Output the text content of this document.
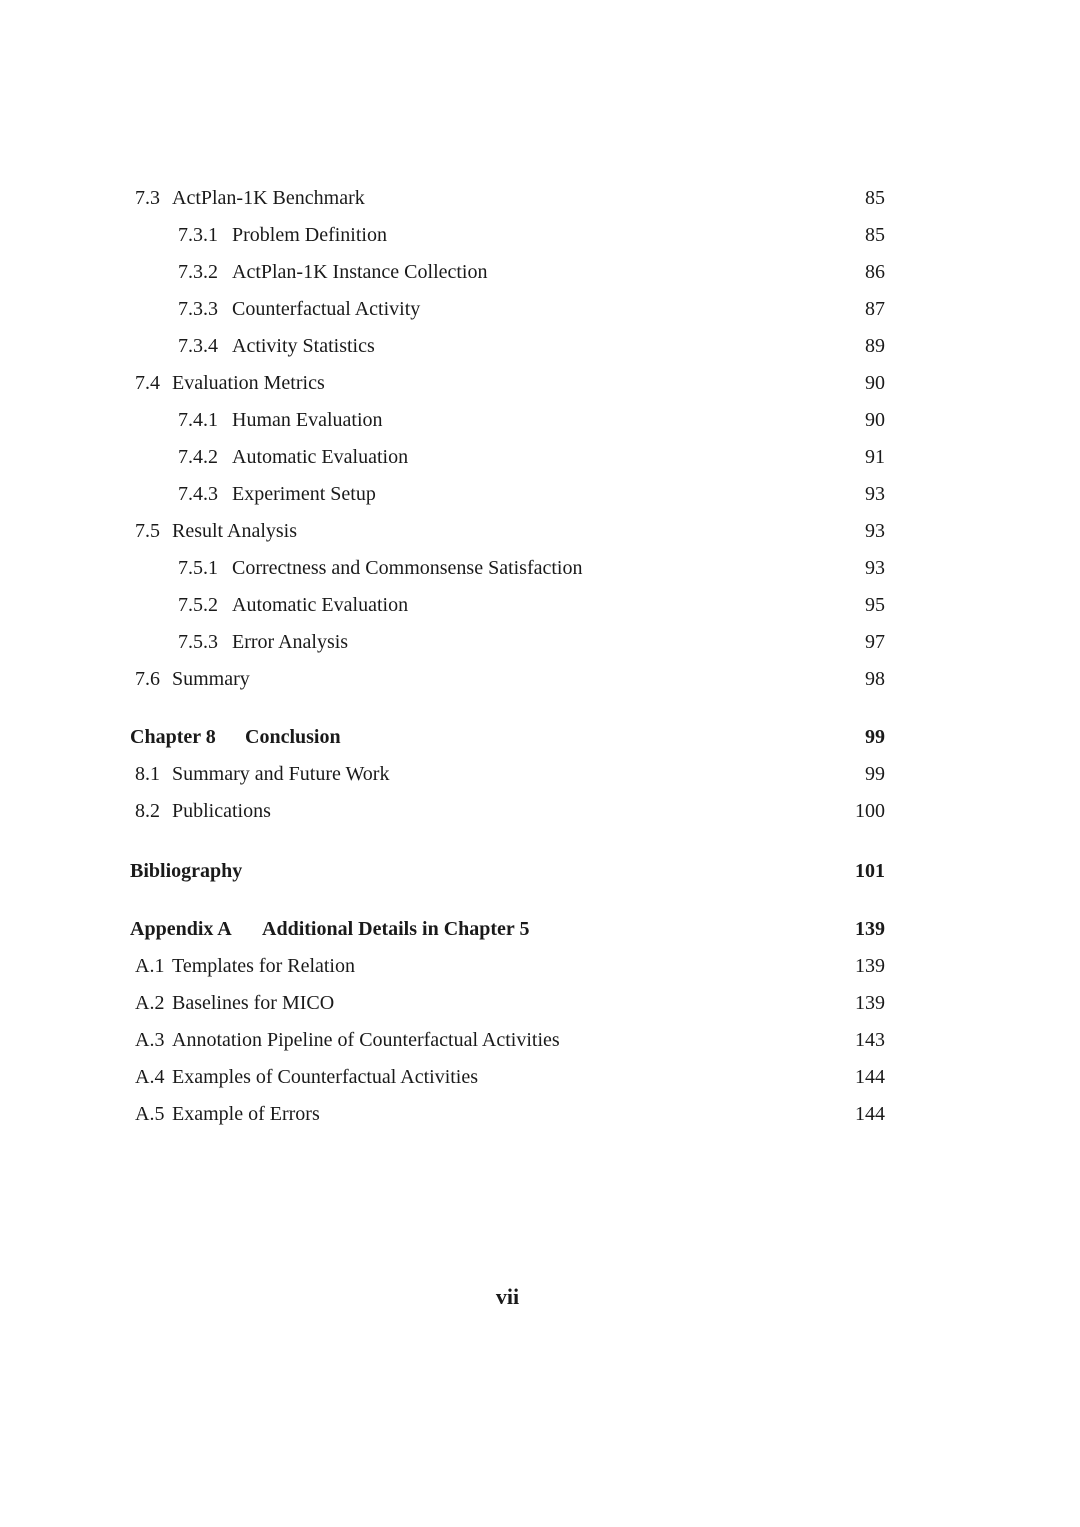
7.3 ActPlan-1K Benchmark	85
7.3.1 Problem Definition	85
7.3.2 ActPlan-1K Instance Collection	86
7.3.3 Counterfactual Activity	87
7.3.4 Activity Statistics	89
7.4 Evaluation Metrics	90
7.4.1 Human Evaluation	90
7.4.2 Automatic Evaluation	91
7.4.3 Experiment Setup	93
7.5 Result Analysis	93
7.5.1 Correctness and Commonsense Satisfaction	93
7.5.2 Automatic Evaluation	95
7.5.3 Error Analysis	97
7.6 Summary	98
Chapter 8 Conclusion	99
8.1 Summary and Future Work	99
8.2 Publications	100
Bibliography	101
Appendix A Additional Details in Chapter 5	139
A.1 Templates for Relation	139
A.2 Baselines for MICO	139
A.3 Annotation Pipeline of Counterfactual Activities	143
A.4 Examples of Counterfactual Activities	144
A.5 Example of Errors	144
vii
